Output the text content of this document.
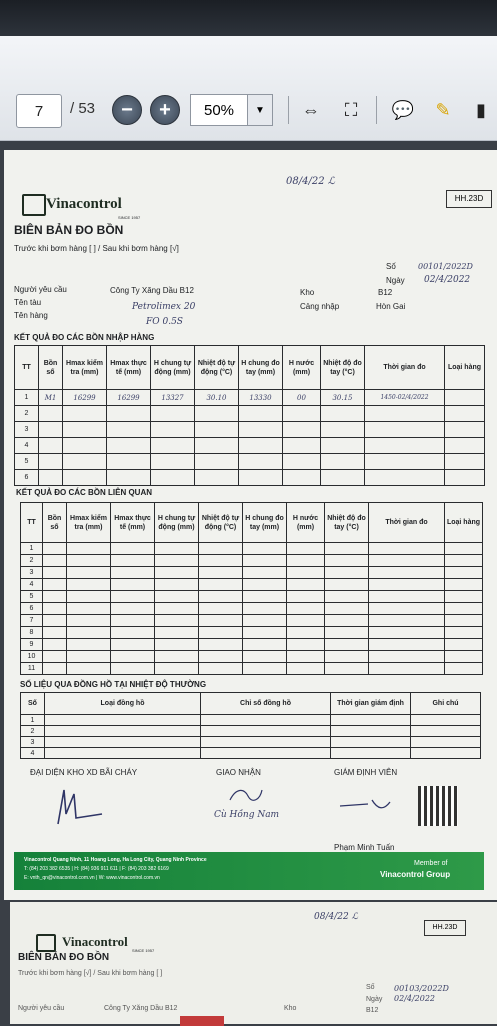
7	/ 53	−	+	50%	▼	⇔	⛶	💬	✎	▮
08/4/22 ℒ
HH.23D
Vinacontrol
SINCE 1957
BIÊN BẢN ĐO BỒN
Trước khi bơm hàng [ ] / Sau khi bơm hàng [√]
Số	00101/2022D
Ngày 02/4/2022
Người yêu cầu	Công Ty Xăng Dầu B12	Kho	B12
Tên tàu	Petrolimex 20	Cảng nhập	Hòn Gai
Tên hàng
FO 0.5S
KẾT QUẢ ĐO CÁC BỒN NHẬP HÀNG
TT	Bồn số	Hmax kiểm tra (mm)	Hmax thực tế (mm)	H chung tự động (mm)	Nhiệt độ tự động (°C)	H chung đo tay (mm)	H nước (mm)	Nhiệt độ đo tay (°C)	Thời gian đo	Loại hàng
1	M1	16299	16299	13327	30.10	13330	00	30.15	1450-02/4/2022	
2										
3										
4										
5										
6										
KẾT QUẢ ĐO CÁC BỒN LIÊN QUAN
TT	Bồn số	Hmax kiểm tra (mm)	Hmax thực tế (mm)	H chung tự động (mm)	Nhiệt độ tự động (°C)	H chung đo tay (mm)	H nước (mm)	Nhiệt độ đo tay (°C)	Thời gian đo	Loại hàng
1										
2										
3										
4										
5										
6										
7										
8										
9										
10										
11										
SỐ LIỆU QUA ĐỒNG HỒ TẠI NHIỆT ĐỘ THƯỜNG
Số	Loại đồng hồ	Chỉ số đồng hồ	Thời gian giám định	Ghi chú
1				
2				
3				
4				
ĐẠI DIỆN KHO XD BÃI CHÁY	GIAO NHẬN	GIÁM ĐỊNH VIÊN
Cù Hồng Nam
Phạm Minh Tuấn
Vinacontrol Quang Ninh, 11 Hoang Long, Ha Long City, Quang Ninh Province
T: (84) 203 382 6535 | H: (84) 936 911 611 | F: (84) 203 382 6169
E: vnth_qn@vinacontrol.com.vn | W: www.vinacontrol.com.vn
Member of
Vinacontrol Group
08/4/22 ℒ
HH.23D
Vinacontrol
SINCE 1957
BIÊN BẢN ĐO BỒN
Trước khi bơm hàng [√] / Sau khi bơm hàng [ ]
Số 00103/2022D
Ngày 02/4/2022
Người yêu cầu	Công Ty Xăng Dầu B12	Kho	B12
